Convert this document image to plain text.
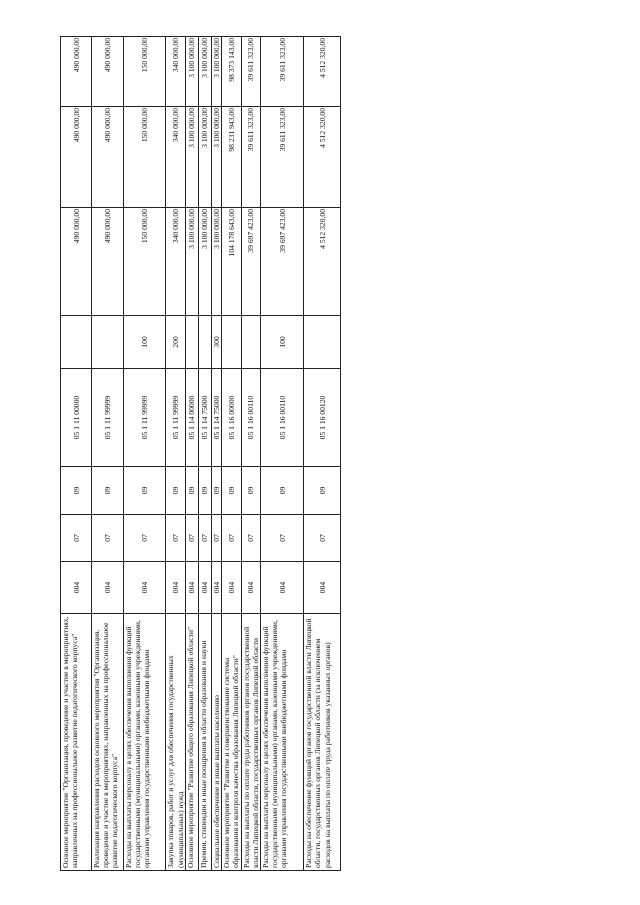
Основное мероприятие "Организация, проведение и участие в мероприятиях, направленных на профессиональное развитие педагогического корпуса"
004
07
09
05 1 11 00000
490 000,00
490 000,00
490 000,00
Реализация направления расходов основного мероприятия "Организация, проведение и участие в мероприятиях, направленных на профессиональное развитие педагогического корпуса"
004
07
09
05 1 11 99999
490 000,00
490 000,00
490 000,00
Расходы на выплаты персоналу в целях обеспечения выполнения функций государственными (муниципальными) органами, казенными учреждениями, органами управления государственными внебюджетными фондами
004
07
09
05 1 11 99999
100
150 000,00
150 000,00
150 000,00
Закупка товаров, работ и услуг для обеспечения государственных (муниципальных) нужд
004
07
09
05 1 11 99999
200
340 000,00
340 000,00
340 000,00
Основное мероприятие "Развитие общего образования Липецкой области"
004
07
09
05 1 14 00000
3 100 000,00
3 100 000,00
3 100 000,00
Премии, стипендии и иные поощрения в области образования и науки
004
07
09
05 1 14 75000
3 100 000,00
3 100 000,00
3 100 000,00
Социальное обеспечение и иные выплаты населению
004
07
09
05 1 14 75000
300
3 100 000,00
3 100 000,00
3 100 000,00
Основное мероприятие "Развитие и совершенствование системы образования и контроля качества образования Липецкой области"
004
07
09
05 1 16 00000
104 178 643,00
98 231 943,00
98 373 143,00
Расходы на выплаты по оплате труда работников органов государственной власти Липецкой области, государственных органов Липецкой области
004
07
09
05 1 16 00110
39 697 423,00
39 611 323,00
39 611 323,00
Расходы на выплаты персоналу в целях обеспечения выполнения функций государственными (муниципальными) органами, казенными учреждениями, органами управления государственными внебюджетными фондами
004
07
09
05 1 16 00110
100
39 697 423,00
39 611 323,00
39 611 323,00
Расходы на обеспечение функций органов государственной власти Липецкой области, государственных органов Липецкой области (за исключением расходов на выплаты по оплате труда работников указанных органов)
004
07
09
05 1 16 00120
4 512 320,00
4 512 320,00
4 512 320,00
